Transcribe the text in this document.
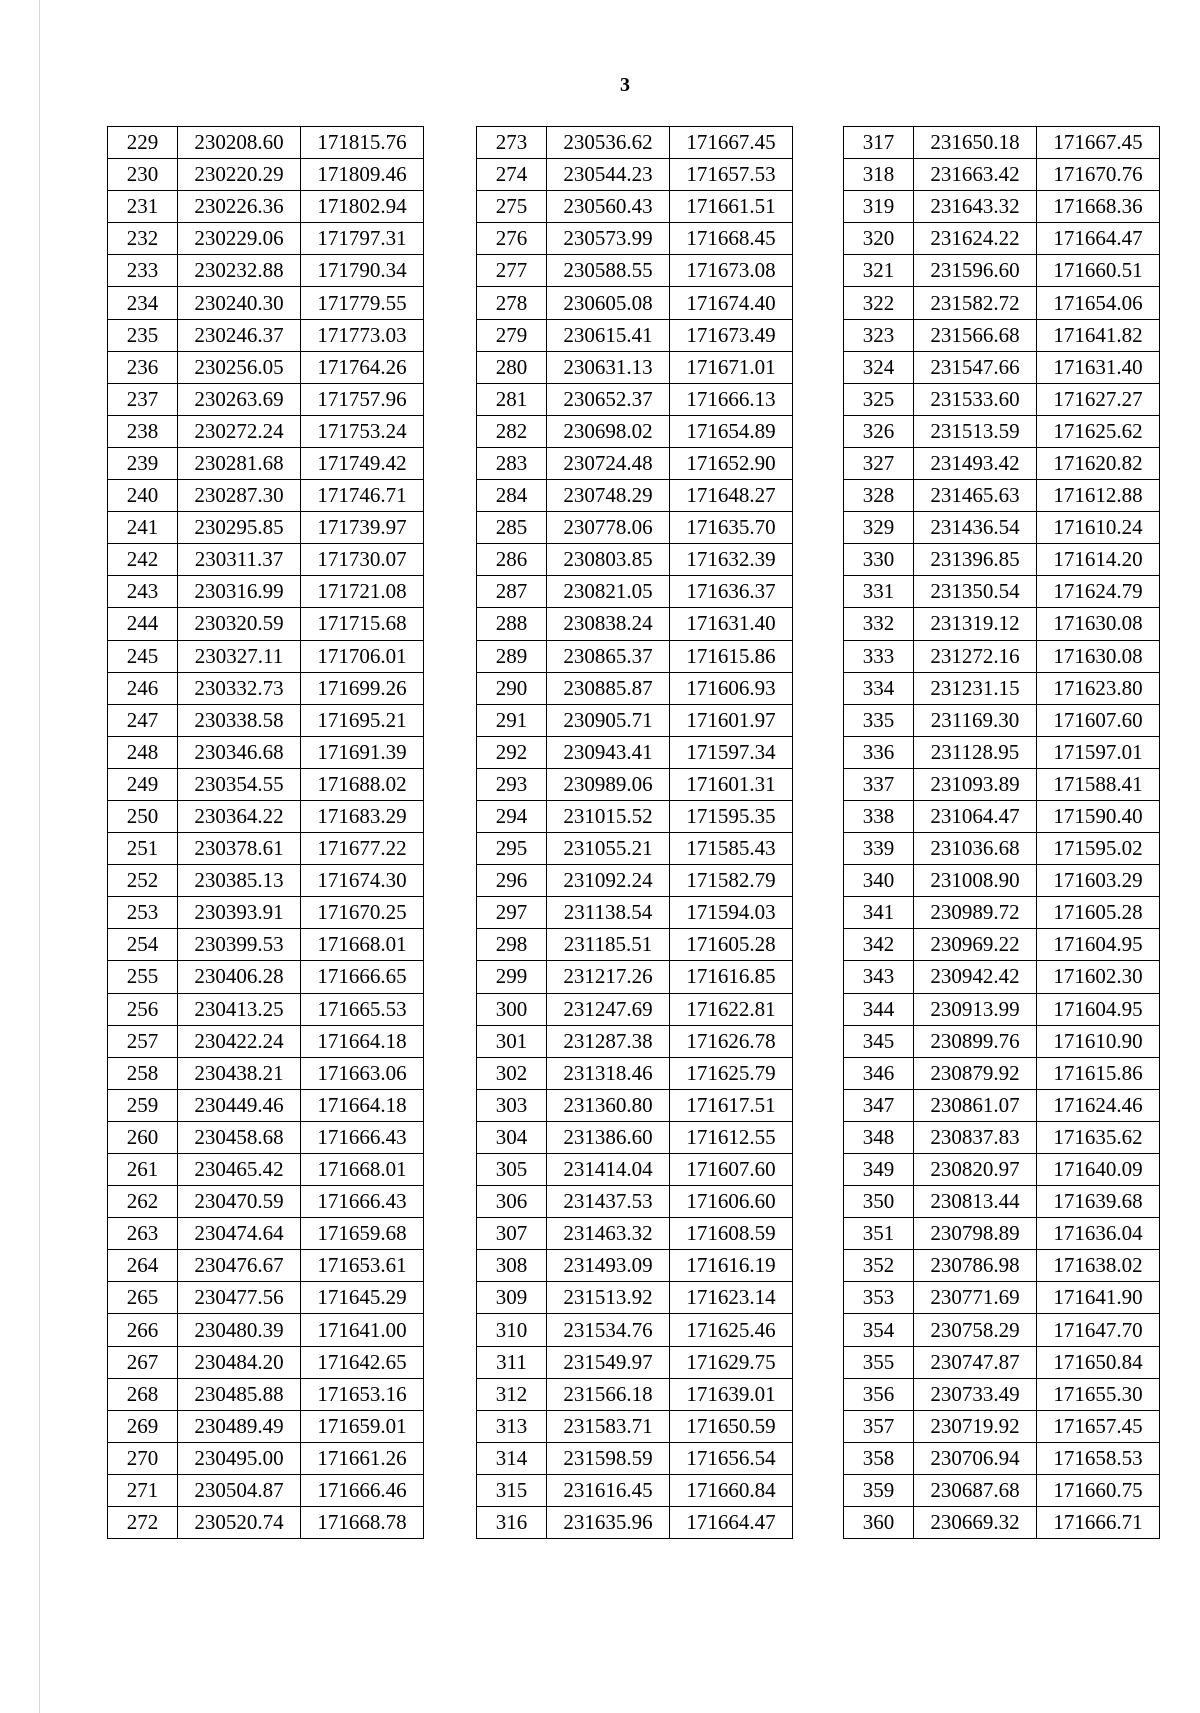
3
229	230208.60	171815.76
230	230220.29	171809.46
231	230226.36	171802.94
232	230229.06	171797.31
233	230232.88	171790.34
234	230240.30	171779.55
235	230246.37	171773.03
236	230256.05	171764.26
237	230263.69	171757.96
238	230272.24	171753.24
239	230281.68	171749.42
240	230287.30	171746.71
241	230295.85	171739.97
242	230311.37	171730.07
243	230316.99	171721.08
244	230320.59	171715.68
245	230327.11	171706.01
246	230332.73	171699.26
247	230338.58	171695.21
248	230346.68	171691.39
249	230354.55	171688.02
250	230364.22	171683.29
251	230378.61	171677.22
252	230385.13	171674.30
253	230393.91	171670.25
254	230399.53	171668.01
255	230406.28	171666.65
256	230413.25	171665.53
257	230422.24	171664.18
258	230438.21	171663.06
259	230449.46	171664.18
260	230458.68	171666.43
261	230465.42	171668.01
262	230470.59	171666.43
263	230474.64	171659.68
264	230476.67	171653.61
265	230477.56	171645.29
266	230480.39	171641.00
267	230484.20	171642.65
268	230485.88	171653.16
269	230489.49	171659.01
270	230495.00	171661.26
271	230504.87	171666.46
272	230520.74	171668.78
273	230536.62	171667.45
274	230544.23	171657.53
275	230560.43	171661.51
276	230573.99	171668.45
277	230588.55	171673.08
278	230605.08	171674.40
279	230615.41	171673.49
280	230631.13	171671.01
281	230652.37	171666.13
282	230698.02	171654.89
283	230724.48	171652.90
284	230748.29	171648.27
285	230778.06	171635.70
286	230803.85	171632.39
287	230821.05	171636.37
288	230838.24	171631.40
289	230865.37	171615.86
290	230885.87	171606.93
291	230905.71	171601.97
292	230943.41	171597.34
293	230989.06	171601.31
294	231015.52	171595.35
295	231055.21	171585.43
296	231092.24	171582.79
297	231138.54	171594.03
298	231185.51	171605.28
299	231217.26	171616.85
300	231247.69	171622.81
301	231287.38	171626.78
302	231318.46	171625.79
303	231360.80	171617.51
304	231386.60	171612.55
305	231414.04	171607.60
306	231437.53	171606.60
307	231463.32	171608.59
308	231493.09	171616.19
309	231513.92	171623.14
310	231534.76	171625.46
311	231549.97	171629.75
312	231566.18	171639.01
313	231583.71	171650.59
314	231598.59	171656.54
315	231616.45	171660.84
316	231635.96	171664.47
317	231650.18	171667.45
318	231663.42	171670.76
319	231643.32	171668.36
320	231624.22	171664.47
321	231596.60	171660.51
322	231582.72	171654.06
323	231566.68	171641.82
324	231547.66	171631.40
325	231533.60	171627.27
326	231513.59	171625.62
327	231493.42	171620.82
328	231465.63	171612.88
329	231436.54	171610.24
330	231396.85	171614.20
331	231350.54	171624.79
332	231319.12	171630.08
333	231272.16	171630.08
334	231231.15	171623.80
335	231169.30	171607.60
336	231128.95	171597.01
337	231093.89	171588.41
338	231064.47	171590.40
339	231036.68	171595.02
340	231008.90	171603.29
341	230989.72	171605.28
342	230969.22	171604.95
343	230942.42	171602.30
344	230913.99	171604.95
345	230899.76	171610.90
346	230879.92	171615.86
347	230861.07	171624.46
348	230837.83	171635.62
349	230820.97	171640.09
350	230813.44	171639.68
351	230798.89	171636.04
352	230786.98	171638.02
353	230771.69	171641.90
354	230758.29	171647.70
355	230747.87	171650.84
356	230733.49	171655.30
357	230719.92	171657.45
358	230706.94	171658.53
359	230687.68	171660.75
360	230669.32	171666.71
